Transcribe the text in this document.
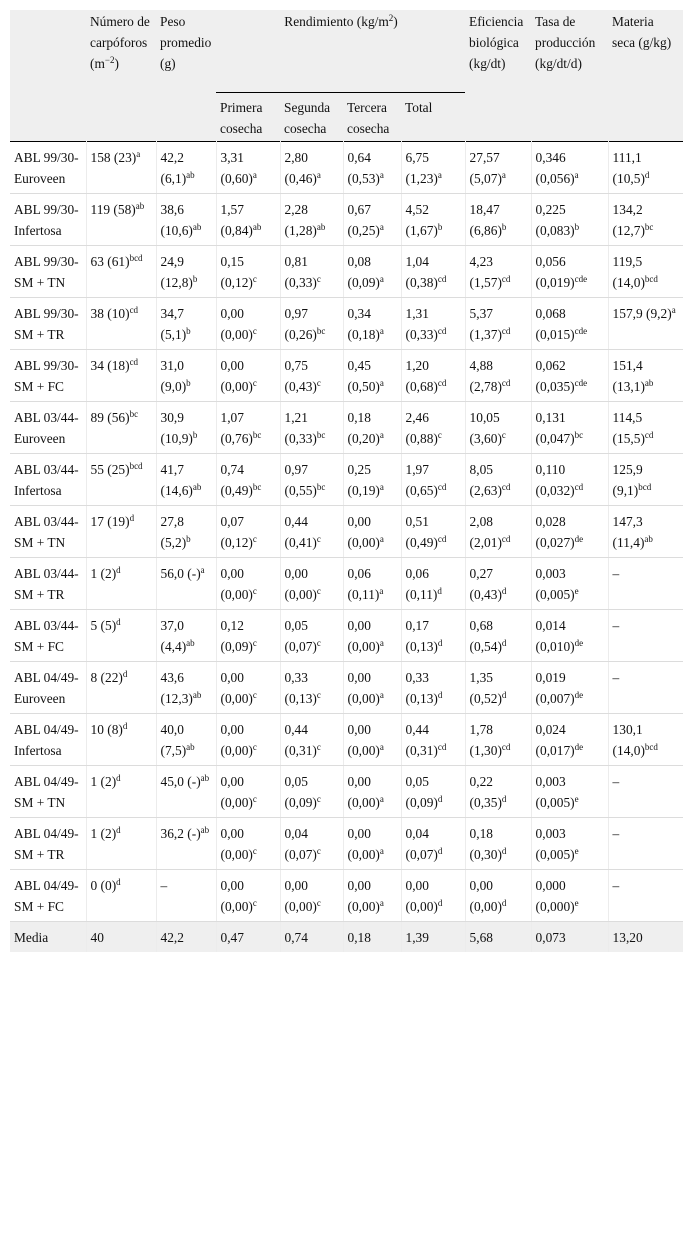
	Número de carpóforos $(m^{-2})$	Peso promedio (g)	Rendimiento $(kg/m^2)$				Eficiencia biológica (kg/dt)	Tasa de producción (kg/dt/d)	Materia seca (g/kg)
			Primera cosecha	Segunda cosecha	Tercera cosecha	Total			
ABL 99/30-Euroveen	158 $(23)^a$	42,2 $(6,1)^{ab}$	3,31 $(0,60)^a$	2,80 $(0,46)^a$	0,64 $(0,53)^a$	6,75 $(1,23)^a$	27,57 $(5,07)^a$	0,346 $(0,056)^a$	111,1 $(10,5)^d$
ABL 99/30-Infertosa	119 $(58)^{ab}$	38,6 $(10,6)^{ab}$	1,57 $(0,84)^{ab}$	2,28 $(1,28)^{ab}$	0,67 $(0,25)^a$	4,52 $(1,67)^b$	18,47 $(6,86)^b$	0,225 $(0,083)^b$	134,2 $(12,7)^{bc}$
ABL 99/30-SM + TN	63 $(61)^{bcd}$	24,9 $(12,8)^b$	0,15 $(0,12)^c$	0,81 $(0,33)^c$	0,08 $(0,09)^a$	1,04 $(0,38)^{cd}$	4,23 $(1,57)^{cd}$	0,056 $(0,019)^{cde}$	119,5 $(14,0)^{bcd}$
ABL 99/30-SM + TR	38 $(10)^{cd}$	34,7 $(5,1)^b$	0,00 $(0,00)^c$	0,97 $(0,26)^{bc}$	0,34 $(0,18)^a$	1,31 $(0,33)^{cd}$	5,37 $(1,37)^{cd}$	0,068 $(0,015)^{cde}$	157,9 $(9,2)^a$
ABL 99/30-SM + FC	34 $(18)^{cd}$	31,0 $(9,0)^b$	0,00 $(0,00)^c$	0,75 $(0,43)^c$	0,45 $(0,50)^a$	1,20 $(0,68)^{cd}$	4,88 $(2,78)^{cd}$	0,062 $(0,035)^{cde}$	151,4 $(13,1)^{ab}$
ABL 03/44-Euroveen	89 $(56)^{bc}$	30,9 $(10,9)^b$	1,07 $(0,76)^{bc}$	1,21 $(0,33)^{bc}$	0,18 $(0,20)^a$	2,46 $(0,88)^c$	10,05 $(3,60)^c$	0,131 $(0,047)^{bc}$	114,5 $(15,5)^{cd}$
ABL 03/44-Infertosa	55 $(25)^{bcd}$	41,7 $(14,6)^{ab}$	0,74 $(0,49)^{bc}$	0,97 $(0,55)^{bc}$	0,25 $(0,19)^a$	1,97 $(0,65)^{cd}$	8,05 $(2,63)^{cd}$	0,110 $(0,032)^{cd}$	125,9 $(9,1)^{bcd}$
ABL 03/44-SM + TN	17 $(19)^d$	27,8 $(5,2)^b$	0,07 $(0,12)^c$	0,44 $(0,41)^c$	0,00 $(0,00)^a$	0,51 $(0,49)^{cd}$	2,08 $(2,01)^{cd}$	0,028 $(0,027)^{de}$	147,3 $(11,4)^{ab}$
ABL 03/44-SM + TR	1 $(2)^d$	56,0 $(-)^a$	0,00 $(0,00)^c$	0,00 $(0,00)^c$	0,06 $(0,11)^a$	0,06 $(0,11)^d$	0,27 $(0,43)^d$	0,003 $(0,005)^e$	–
ABL 03/44-SM + FC	5 $(5)^d$	37,0 $(4,4)^{ab}$	0,12 $(0,09)^c$	0,05 $(0,07)^c$	0,00 $(0,00)^a$	0,17 $(0,13)^d$	0,68 $(0,54)^d$	0,014 $(0,010)^{de}$	–
ABL 04/49-Euroveen	8 $(22)^d$	43,6 $(12,3)^{ab}$	0,00 $(0,00)^c$	0,33 $(0,13)^c$	0,00 $(0,00)^a$	0,33 $(0,13)^d$	1,35 $(0,52)^d$	0,019 $(0,007)^{de}$	–
ABL 04/49-Infertosa	10 $(8)^d$	40,0 $(7,5)^{ab}$	0,00 $(0,00)^c$	0,44 $(0,31)^c$	0,00 $(0,00)^a$	0,44 $(0,31)^{cd}$	1,78 $(1,30)^{cd}$	0,024 $(0,017)^{de}$	130,1 $(14,0)^{bcd}$
ABL 04/49-SM + TN	1 $(2)^d$	45,0 $(-)^{ab}$	0,00 $(0,00)^c$	0,05 $(0,09)^c$	0,00 $(0,00)^a$	0,05 $(0,09)^d$	0,22 $(0,35)^d$	0,003 $(0,005)^e$	–
ABL 04/49-SM + TR	1 $(2)^d$	36,2 $(-)^{ab}$	0,00 $(0,00)^c$	0,04 $(0,07)^c$	0,00 $(0,00)^a$	0,04 $(0,07)^d$	0,18 $(0,30)^d$	0,003 $(0,005)^e$	–
ABL 04/49-SM + FC	0 $(0)^d$	–	0,00 $(0,00)^c$	0,00 $(0,00)^c$	0,00 $(0,00)^a$	0,00 $(0,00)^d$	0,00 $(0,00)^d$	0,000 $(0,000)^e$	–
Media	40	42,2	0,47	0,74	0,18	1,39	5,68	0,073	13,20
